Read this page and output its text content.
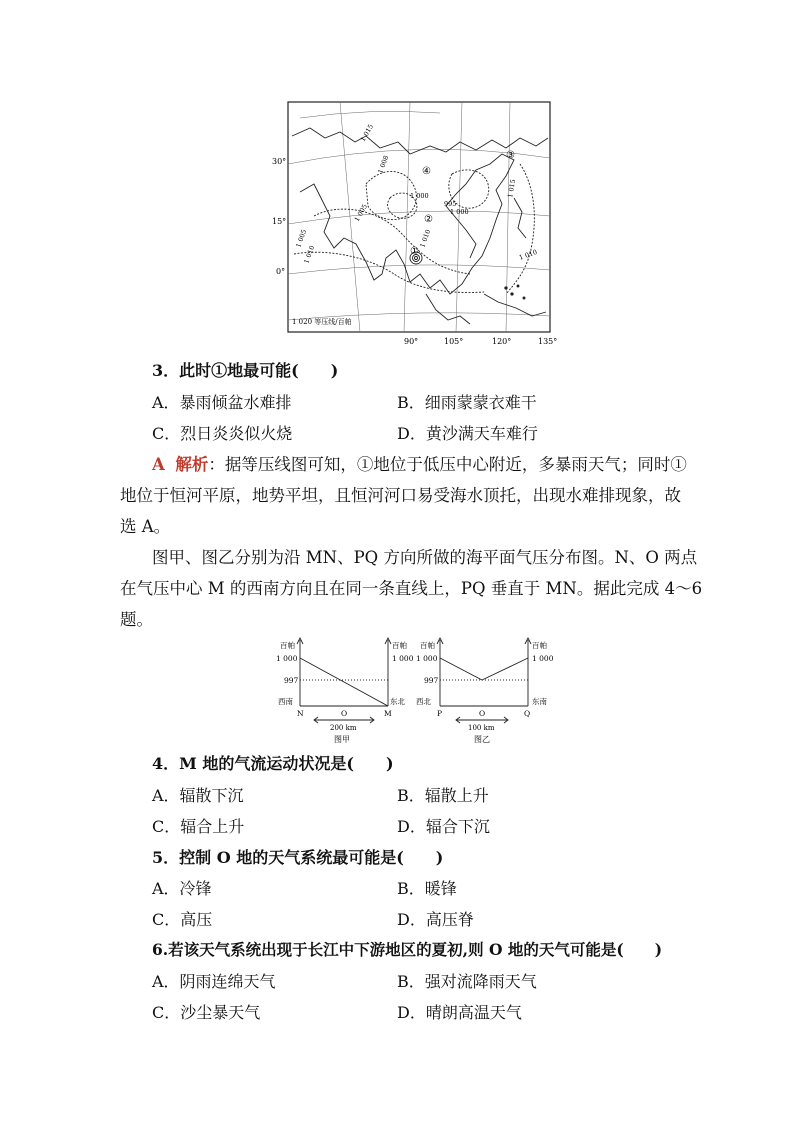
30°
15°
0°
90°	105°	120°	135°
1 015
1 008
1 005
1 000
995
1 000
1 005
1 010
1 010
1 015
1 010
①
②
③
④
1 020 等压线/百帕
3．此时①地最可能(　　)
A．暴雨倾盆水难排	B．细雨蒙蒙衣难干
C．烈日炎炎似火烧	D．黄沙满天车难行
A 解析：据等压线图可知，①地位于低压中心附近，多暴雨天气；同时①
地位于恒河平原，地势平坦，且恒河河口易受海水顶托，出现水难排现象，故
选 A。
图甲、图乙分别为沿 MN、PQ 方向所做的海平面气压分布图。N、O 两点
在气压中心 M 的西南方向且在同一条直线上，PQ 垂直于 MN。据此完成 4～6
题。
百帕	百帕
1 000	1 000
997
西南	东北
N	O	M
200 km
图甲
百帕	百帕
1 000	1 000
997
西北	东南
P	O	Q
100 km
图乙
4．M 地的气流运动状况是(　　)
A．辐散下沉	B．辐散上升
C．辐合上升	D．辐合下沉
5．控制 O 地的天气系统最可能是(　　)
A．冷锋	B．暖锋
C．高压	D．高压脊
6.若该天气系统出现于长江中下游地区的夏初,则 O 地的天气可能是(　　)
A．阴雨连绵天气	B．强对流降雨天气
C．沙尘暴天气	D．晴朗高温天气
